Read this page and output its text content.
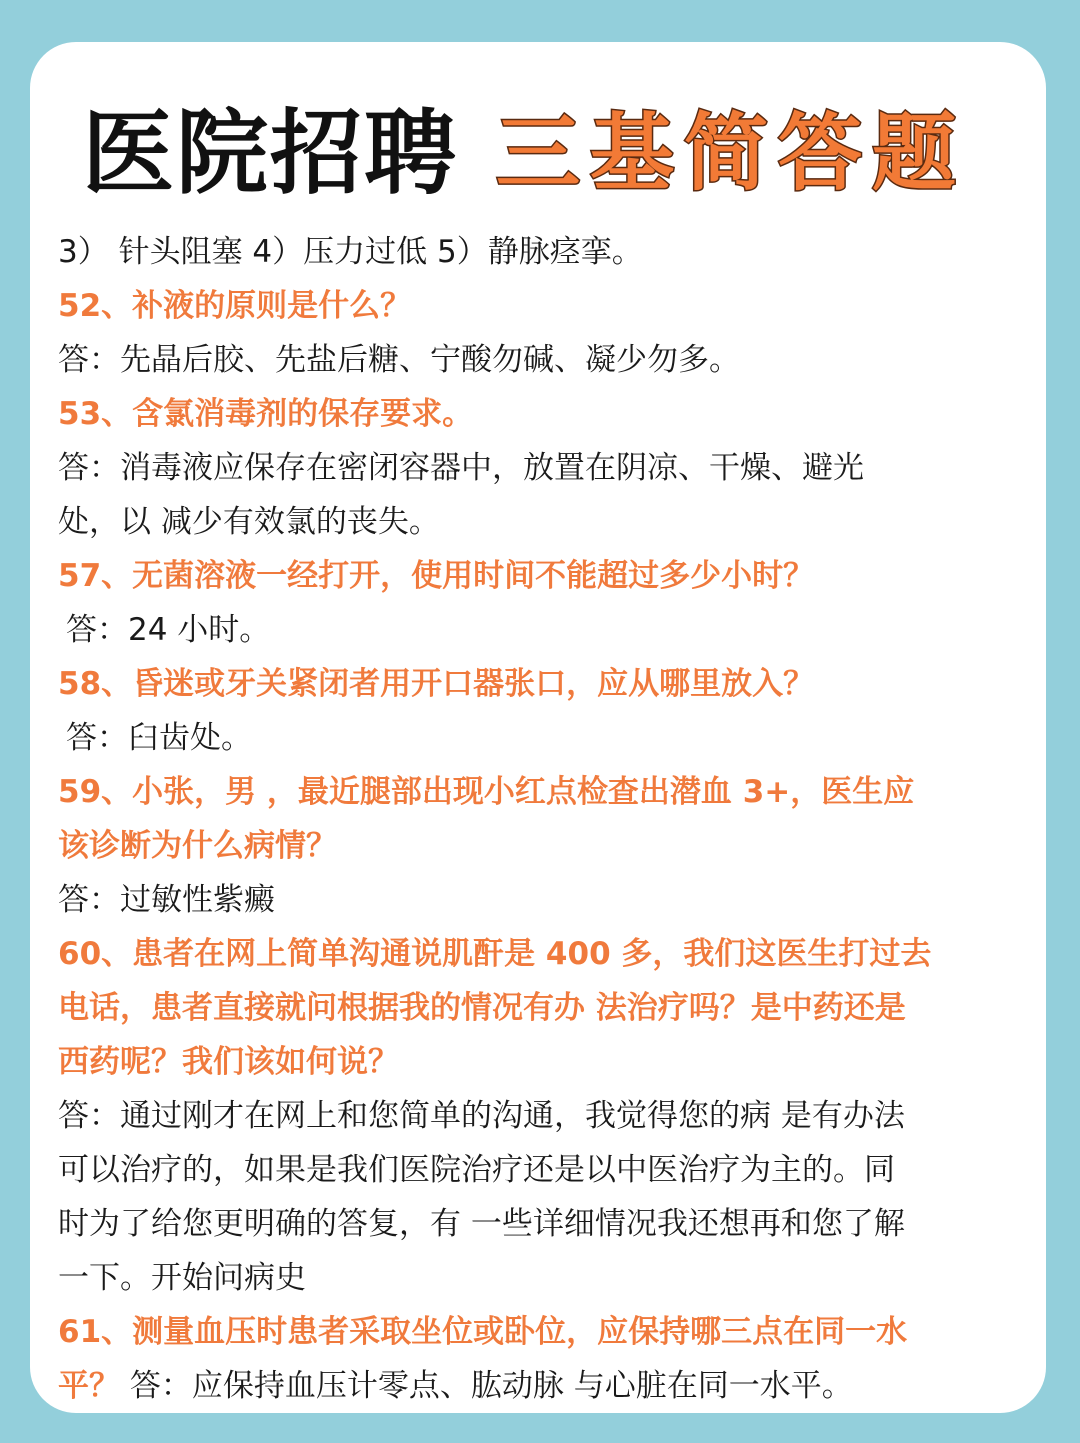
医院招聘 三基简答题
3） 针头阻塞 4）压力过低 5）静脉痉挛。
52、补液的原则是什么？
答：先晶后胶、先盐后糖、宁酸勿碱、凝少勿多。
53、含氯消毒剂的保存要求。
答：消毒液应保存在密闭容器中，放置在阴凉、干燥、避光
处，以 减少有效氯的丧失。
57、无菌溶液一经打开，使用时间不能超过多少小时？
答：24 小时。
58、昏迷或牙关紧闭者用开口器张口，应从哪里放入？
答：臼齿处。
59、小张，男 ，最近腿部出现小红点检查出潜血 3+，医生应
该诊断为什么病情？
答：过敏性紫癜
60、患者在网上简单沟通说肌酐是 400 多，我们这医生打过去
电话，患者直接就问根据我的情况有办 法治疗吗？是中药还是
西药呢？我们该如何说？
答：通过刚才在网上和您简单的沟通，我觉得您的病 是有办法
可以治疗的，如果是我们医院治疗还是以中医治疗为主的。同
时为了给您更明确的答复，有 一些详细情况我还想再和您了解
一下。开始问病史
61、测量血压时患者采取坐位或卧位，应保持哪三点在同一水
平？ 答：应保持血压计零点、肱动脉 与心脏在同一水平。
